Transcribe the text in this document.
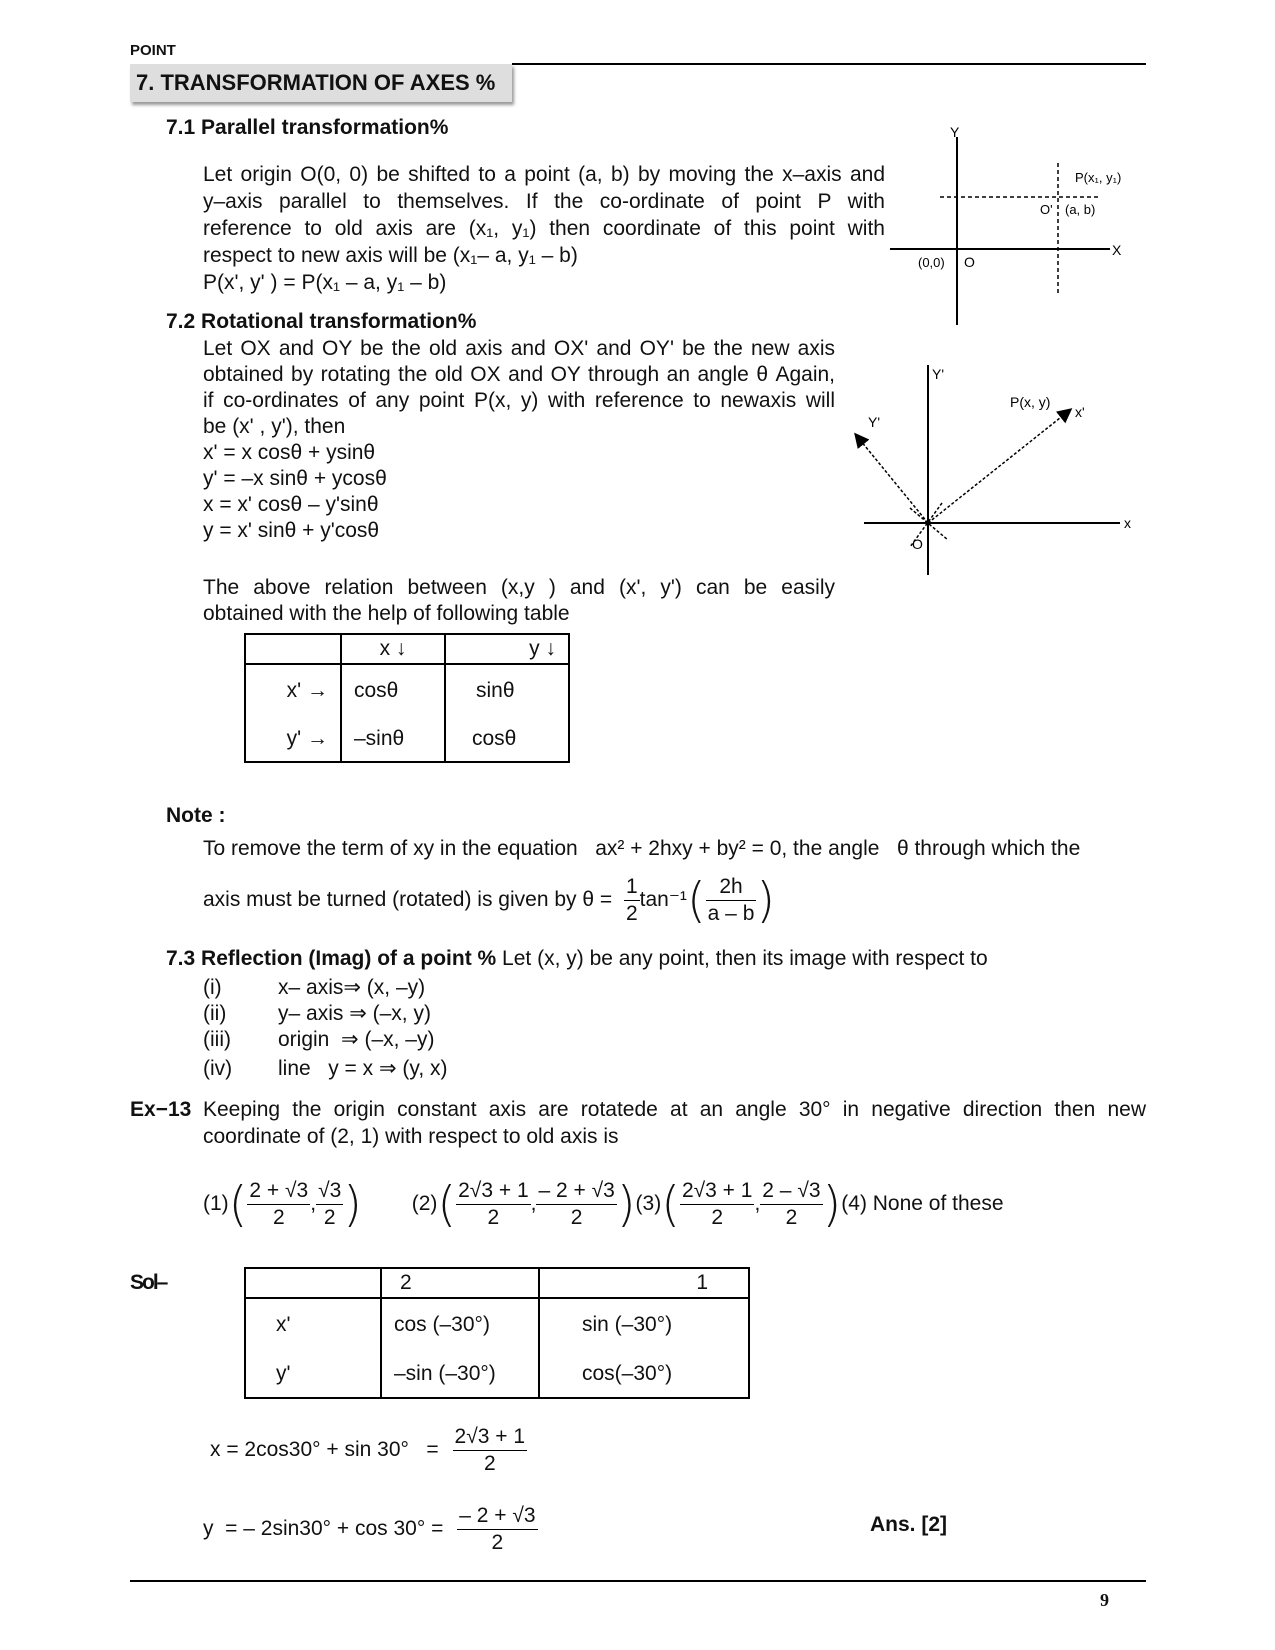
POINT
7. TRANSFORMATION OF AXES %
7.1 Parallel transformation%
Let origin O(0, 0) be shifted to a point (a, b) by moving the x–axis and
y–axis parallel to themselves. If the co-ordinate of point P with
reference to old axis are (x₁, y₁) then coordinate of this point with
respect to new axis will be (x₁– a, y₁ – b)
P(x', y' ) = P(x₁ – a, y₁ – b)
Y
X
P(x₁, y₁)
O' (a, b)
(0,0) O
7.2 Rotational transformation%
Let OX and OY be the old axis and OX' and OY' be the new axis
obtained by rotating the old OX and OY through an angle θ Again,
if co-ordinates of any point P(x, y) with reference to newaxis will
be (x' , y'), then
x' = x cosθ + ysinθ
y' = –x sinθ + ycosθ
x = x' cosθ – y'sinθ
y = x' sinθ + y'cosθ
The above relation between (x,y ) and (x', y') can be easily
obtained with the help of following table
Y'
Y'
P(x, y)
x'
x
O
	x ↓	y ↓
x' →	cosθ	sinθ
y' →	–sinθ	cosθ
Note :
To remove the term of xy in the equation   ax² + 2hxy + by² = 0, the angle   θ through which the
axis must be turned (rotated) is given by $\theta = \frac{1}{2} \tan^{-1}( \frac{2h}{a - b}$ )
7.3 Reflection (Imag) of a point % Let (x, y) be any point, then its image with respect to
(i)	x– axis⇒ (x, –y)
(ii) y– axis ⇒ (–x, y)
(iii) origin  ⇒ (–x, –y)
(iv) line   y = x ⇒ (y, x)
Ex−13 Keeping the origin constant axis are rotatede at an angle 30° in negative direction then new
coordinate of (2, 1) with respect to old axis is
$(1)( \frac{2 + √3}{2}$ , $\frac{√3}{2}$ ) $(2)( \frac{2√3 + 1}{2}$ , $\frac{- 2 + √3}{2} )(3)( \frac{2√3 + 1}{2}$ , $\frac{2 - √3}{2} )(4)$ None of these
Sol–
		2	1
x'	cos (–30°)	sin (–30°)
y'	–sin (–30°)	cos(–30°)
$x = 2\cos 30^\circ + \sin 30^\circ = \frac{2√3 + 1}{2}$
y  = – $2\sin 30^\circ + \cos 30^\circ = \frac{- 2 + √3}{2}$	Ans. [2]
9
